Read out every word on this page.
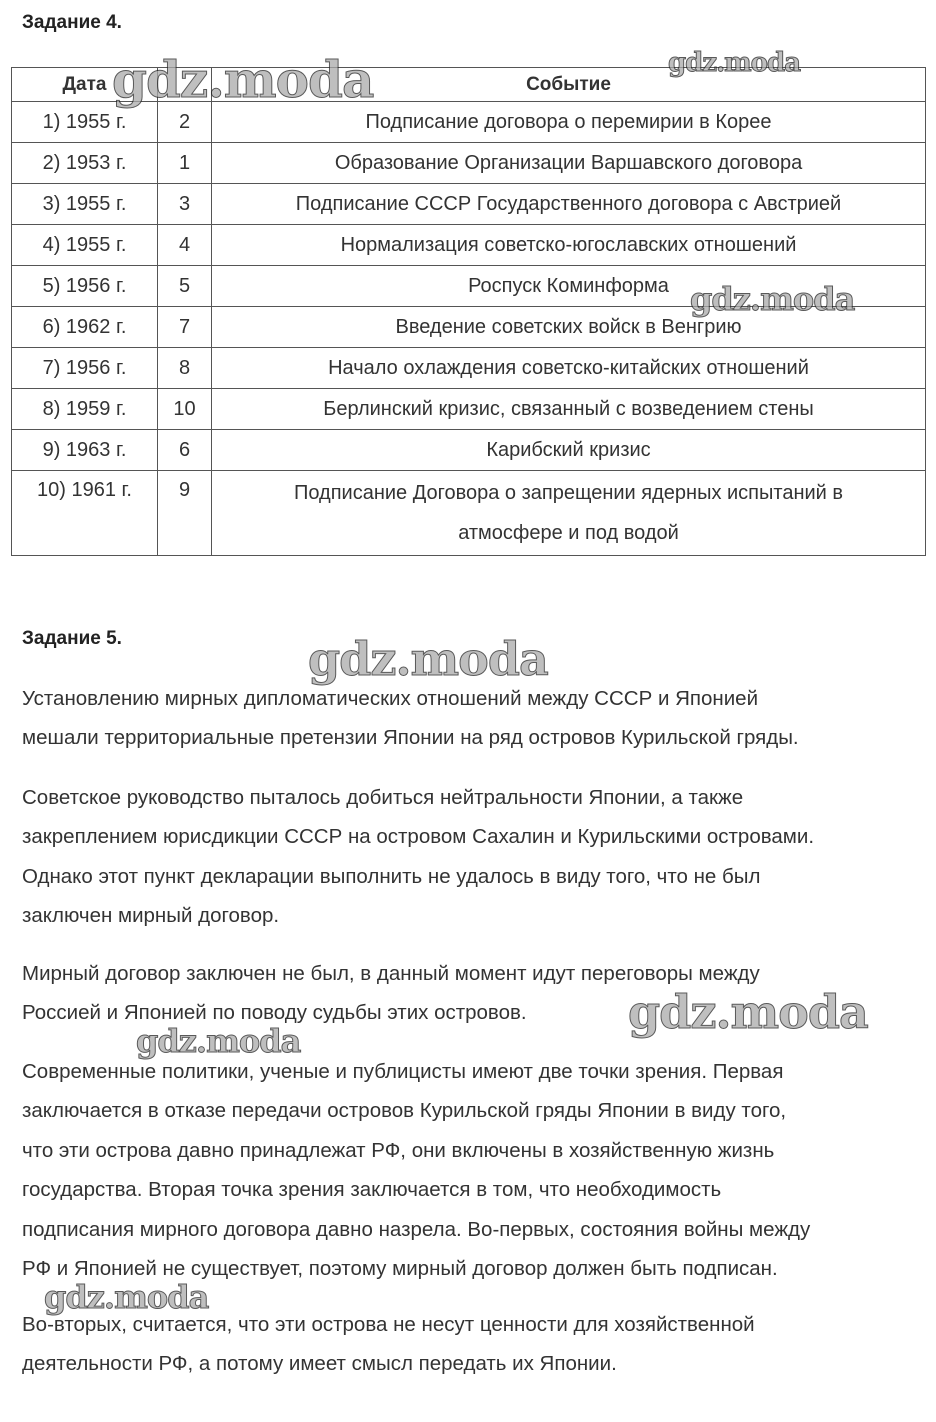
Задание 4.
Дата		Событие
1) 1955 г.	2	Подписание договора о перемирии в Корее
2) 1953 г.	1	Образование Организации Варшавского договора
3) 1955 г.	3	Подписание СССР Государственного договора с Австрией
4) 1955 г.	4	Нормализация советско-югославских отношений
5) 1956 г.	5	Роспуск Коминформа
6) 1962 г.	7	Введение советских войск в Венгрию
7) 1956 г.	8	Начало охлаждения советско-китайских отношений
8) 1959 г.	10	Берлинский кризис, связанный с возведением стены
9) 1963 г.	6	Карибский кризис
10) 1961 г.	9	Подписание Договора о запрещении ядерных испытаний в атмосфере и под водой
Задание 5.
Установлению мирных дипломатических отношений между СССР и Японией
мешали территориальные претензии Японии на ряд островов Курильской гряды.
Советское руководство пыталось добиться нейтральности Японии, а также
закреплением юрисдикции СССР на островом Сахалин и Курильскими островами.
Однако этот пункт декларации выполнить не удалось в виду того, что не был
заключен мирный договор.
Мирный договор заключен не был, в данный момент идут переговоры между
Россией и Японией по поводу судьбы этих островов.
Современные политики, ученые и публицисты имеют две точки зрения. Первая
заключается в отказе передачи островов Курильской гряды Японии в виду того,
что эти острова давно принадлежат РФ, они включены в хозяйственную жизнь
государства. Вторая точка зрения заключается в том, что необходимость
подписания мирного договора давно назрела. Во-первых, состояния войны между
РФ и Японией не существует, поэтому мирный договор должен быть подписан.
Во-вторых, считается, что эти острова не несут ценности для хозяйственной
деятельности РФ, а потому имеет смысл передать их Японии.
gdz.moda	gdz.moda
gdz.moda
gdz.moda
gdz.moda
gdz.moda
gdz.moda
